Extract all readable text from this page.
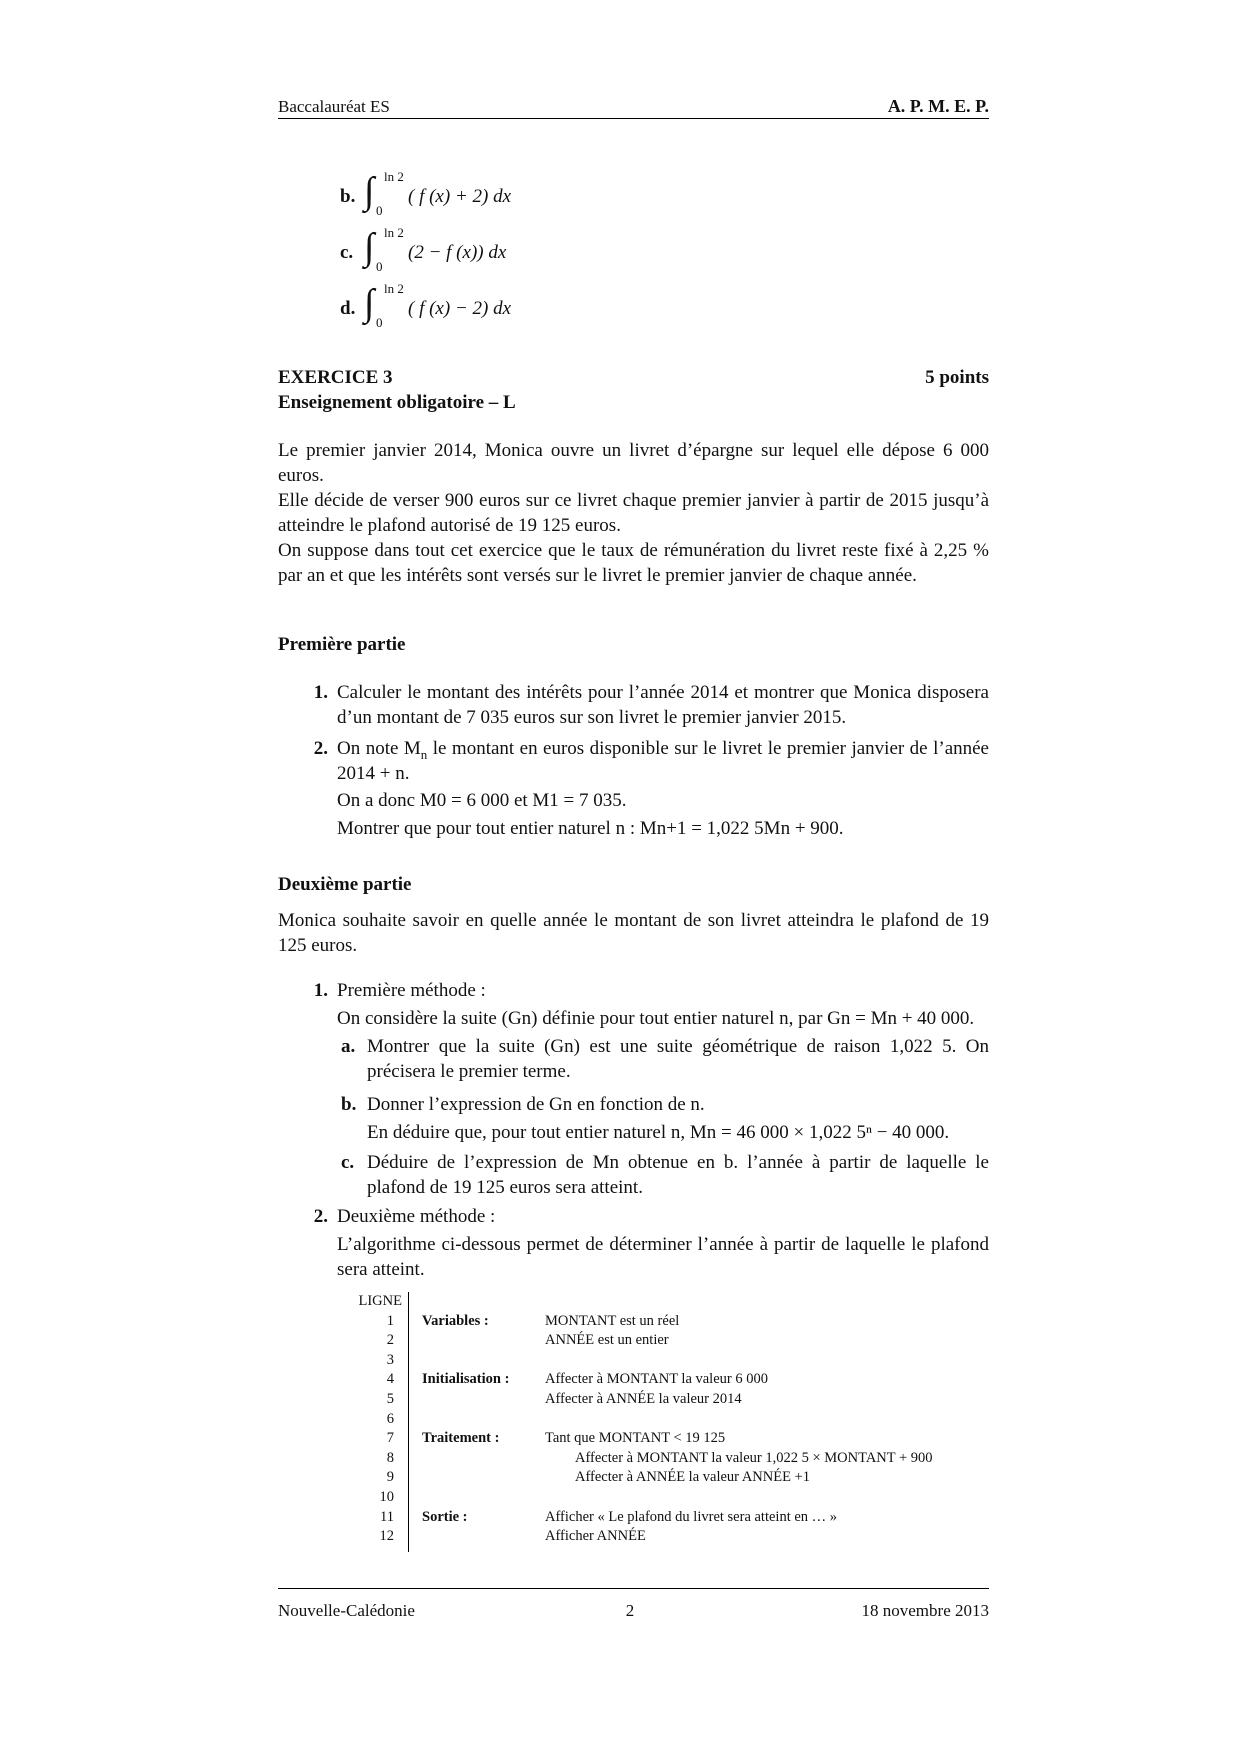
Baccalauréat ES	A. P. M. E. P.
b. ∫ ln 2
0
( f (x) + 2) dx
c. ∫ ln 2
0
(2 − f (x)) dx
d. ∫ ln 2
0
( f (x) − 2) dx
EXERCICE 3	5 points
Enseignement obligatoire – L
Le premier janvier 2014, Monica ouvre un livret d’épargne sur lequel elle dépose 6 000 euros.
Elle décide de verser 900 euros sur ce livret chaque premier janvier à partir de 2015 jusqu’à atteindre le plafond autorisé de 19 125 euros.
On suppose dans tout cet exercice que le taux de rémunération du livret reste fixé à 2,25 % par an et que les intérêts sont versés sur le livret le premier janvier de chaque année.
Première partie
1. Calculer le montant des intérêts pour l’année 2014 et montrer que Monica disposera d’un montant de 7 035 euros sur son livret le premier janvier 2015.
2. On note $M_n$ le montant en euros disponible sur le livret le premier janvier de l’année 2014 + n.
On a donc M0 = 6 000 et M1 = 7 035.
Montrer que pour tout entier naturel n : Mn+1 = 1,022 5Mn + 900.
Deuxième partie
Monica souhaite savoir en quelle année le montant de son livret atteindra le plafond de 19 125 euros.
1. Première méthode :
On considère la suite (Gn) définie pour tout entier naturel n, par Gn = Mn + 40 000.
a. Montrer que la suite (Gn) est une suite géométrique de raison 1,022 5. On précisera le premier terme.
b. Donner l’expression de Gn en fonction de n.
En déduire que, pour tout entier naturel n, Mn = 46 000 × 1,022 5ⁿ − 40 000.
c. Déduire de l’expression de Mn obtenue en b. l’année à partir de laquelle le plafond de 19 125 euros sera atteint.
2. Deuxième méthode :
L’algorithme ci-dessous permet de déterminer l’année à partir de laquelle le plafond sera atteint.
LIGNE
1 Variables :	MONTANT est un réel
2	ANNÉE est un entier
3
4 Initialisation : Affecter à MONTANT la valeur 6 000
5	Affecter à ANNÉE la valeur 2014
6
7 Traitement :	Tant que MONTANT < 19 125
8	Affecter à MONTANT la valeur 1,022 5 × MONTANT + 900
9	Affecter à ANNÉE la valeur ANNÉE +1
10
11 Sortie :	Afficher « Le plafond du livret sera atteint en … »
12	Afficher ANNÉE
Nouvelle-Calédonie	2	18 novembre 2013
